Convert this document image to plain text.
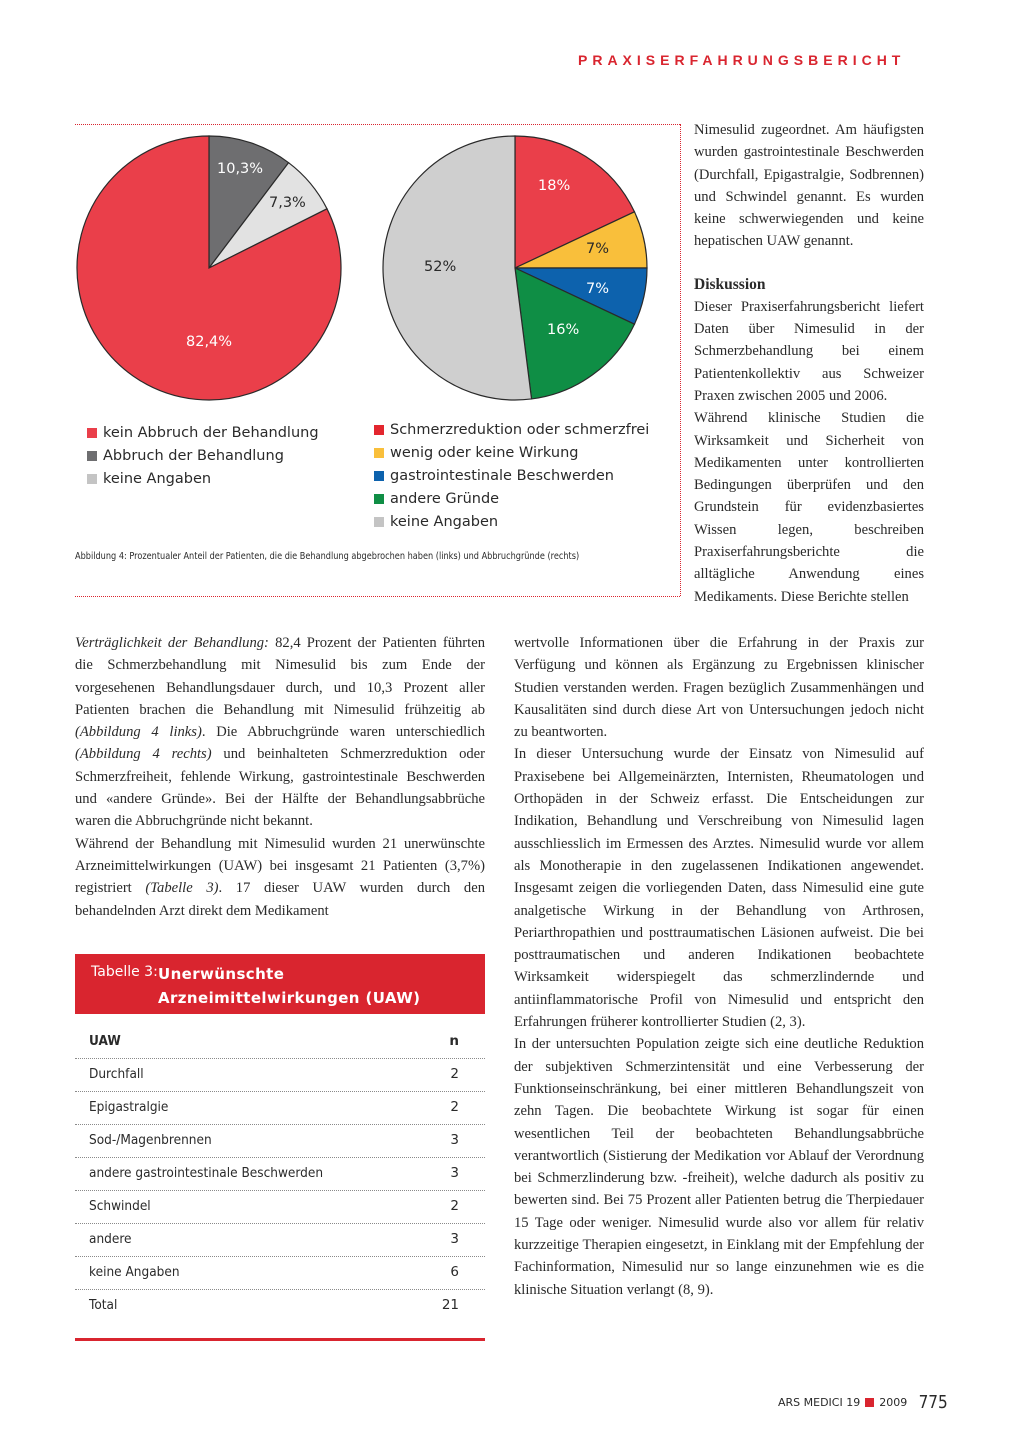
PRAXISERFAHRUNGSBERICHT
10,3%
7,3%
82,4%
18%
7%
7%
16%
52%
kein Abbruch der Behandlung
Abbruch der Behandlung
keine Angaben
Schmerzreduktion oder schmerzfrei
wenig oder keine Wirkung
gastrointestinale Beschwerden
andere Gründe
keine Angaben
Abbildung 4: Prozentualer Anteil der Patienten, die die Behandlung abgebrochen haben (links) und Abbruchgründe (rechts)

Nimesulid zugeordnet. Am häufigsten wurden gastrointestinale Beschwerden (Durchfall, Epigastralgie, Sodbrennen) und Schwindel genannt. Es wurden keine schwerwiegenden und keine hepatischen UAW genannt.

Diskussion

Dieser Praxiserfahrungsbericht liefert Daten über Nimesulid in der Schmerzbehandlung bei einem Patientenkollektiv aus Schweizer Praxen zwischen 2005 und 2006.

Während klinische Studien die Wirksamkeit und Sicherheit von Medikamenten unter kontrollierten Bedingungen überprüfen und den Grundstein für evidenzbasiertes Wissen legen, beschreiben Praxiserfahrungsberichte die alltägliche Anwendung eines Medikaments. Diese Berichte stellen

Verträglichkeit der Behandlung: 82,4 Prozent der Patienten führten die Schmerzbehandlung mit Nimesulid bis zum Ende der vorgesehenen Behandlungsdauer durch, und 10,3 Prozent aller Patienten brachen die Behandlung mit Nimesulid frühzeitig ab (Abbildung 4 links). Die Abbruchgründe waren unterschiedlich (Abbildung 4 rechts) und beinhalteten Schmerzreduktion oder Schmerzfreiheit, fehlende Wirkung, gastrointestinale Beschwerden und «andere Gründe». Bei der Hälfte der Behandlungsabbrüche waren die Abbruchgründe nicht bekannt.

Während der Behandlung mit Nimesulid wurden 21 unerwünschte Arzneimittelwirkungen (UAW) bei insgesamt 21 Patienten (3,7%) registriert (Tabelle 3). 17 dieser UAW wurden durch den behandelnden Arzt direkt dem Medikament

wertvolle Informationen über die Erfahrung in der Praxis zur Verfügung und können als Ergänzung zu Ergebnissen klinischer Studien verstanden werden. Fragen bezüglich Zusammenhängen und Kausalitäten sind durch diese Art von Untersuchungen jedoch nicht zu beantworten.

In dieser Untersuchung wurde der Einsatz von Nimesulid auf Praxisebene bei Allgemeinärzten, Internisten, Rheumatologen und Orthopäden in der Schweiz erfasst. Die Entscheidungen zur Indikation, Behandlung und Verschreibung von Nimesulid lagen ausschliesslich im Ermessen des Arztes. Nimesulid wurde vor allem als Monotherapie in den zugelassenen Indikationen angewendet. Insgesamt zeigen die vorliegenden Daten, dass Nimesulid eine gute analgetische Wirkung in der Behandlung von Arthrosen, Periarthropathien und posttraumatischen Läsionen aufweist. Die bei posttraumatischen und anderen Indikationen beobachtete Wirksamkeit widerspiegelt das schmerzlindernde und antiinflammatorische Profil von Nimesulid und entspricht den Erfahrungen früherer kontrollierter Studien (2, 3).

In der untersuchten Population zeigte sich eine deutliche Reduktion der subjektiven Schmerzintensität und eine Verbesserung der Funktionseinschränkung, bei einer mittleren Behandlungszeit von zehn Tagen. Die beobachtete Wirkung ist sogar für einen wesentlichen Teil der beobachteten Behandlungsabbrüche verantwortlich (Sistierung der Medikation vor Ablauf der Verordnung bei Schmerzlinderung bzw. -freiheit), welche dadurch als positiv zu bewerten sind. Bei 75 Prozent aller Patienten betrug die Therpiedauer 15 Tage oder weniger. Nimesulid wurde also vor allem für relativ kurzzeitige Therapien eingesetzt, in Einklang mit der Empfehlung der Fachinformation, Nimesulid nur so lange einzunehmen wie es die klinische Situation verlangt (8, 9).

Tabelle 3: Unerwünschte Arzneimittelwirkungen (UAW)
UAW	n
Durchfall	2
Epigastralgie	2
Sod-/Magenbrennen	3
andere gastrointestinale Beschwerden	3
Schwindel	2
andere	3
keine Angaben	6
Total	21
ARS MEDICI 19 2009 775
